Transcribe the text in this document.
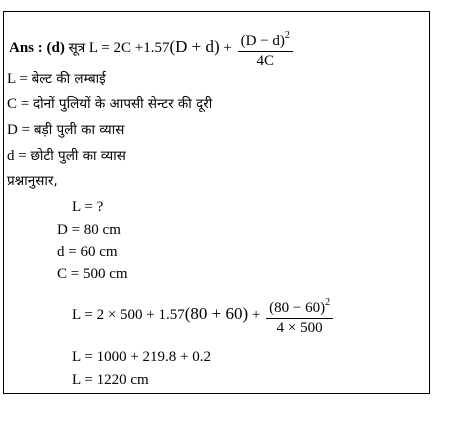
Ans : (d) सूत्र $L = 2C +1.57(D + d) + \frac{(D - d)^2}{4C}$
L = बेल्ट की लम्बाई
C = दोनों पुलियों के आपसी सेन्टर की दूरी
D = बड़ी पुली का व्यास
d = छोटी पुली का व्यास
प्रश्नानुसार,
L = ?
D = 80 cm
d = 60 cm
C = 500 cm
$L = 2 \times 500 + 1.57(80 + 60) + \frac{(80 - 60)^2}{4 \times 500}$
L = 1000 + 219.8 + 0.2
L = 1220 cm
